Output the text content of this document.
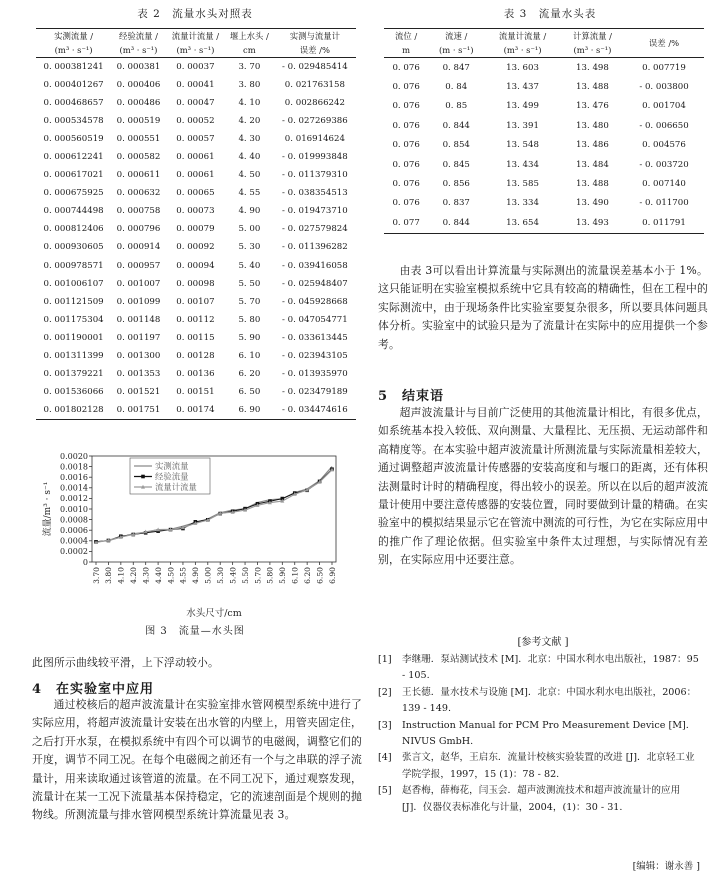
表 2　流量水头对照表
实测流量 /	经验流量 /	流量计流量 /	堰上水头 /	实测与流量计
(m³ · s⁻¹)	(m³ · s⁻¹)	(m³ · s⁻¹)	cm	误差 /%
0. 000381241	0. 000381	0. 00037	3. 70	- 0. 029485414
0. 000401267	0. 000406	0. 00041	3. 80	0. 021763158
0. 000468657	0. 000486	0. 00047	4. 10	0. 002866242
0. 000534578	0. 000519	0. 00052	4. 20	- 0. 027269386
0. 000560519	0. 000551	0. 00057	4. 30	0. 016914624
0. 000612241	0. 000582	0. 00061	4. 40	- 0. 019993848
0. 000617021	0. 000611	0. 00061	4. 50	- 0. 011379310
0. 000675925	0. 000632	0. 00065	4. 55	- 0. 038354513
0. 000744498	0. 000758	0. 00073	4. 90	- 0. 019473710
0. 000812406	0. 000796	0. 00079	5. 00	- 0. 027579824
0. 000930605	0. 000914	0. 00092	5. 30	- 0. 011396282
0. 000978571	0. 000957	0. 00094	5. 40	- 0. 039416058
0. 001006107	0. 001007	0. 00098	5. 50	- 0. 025948407
0. 001121509	0. 001099	0. 00107	5. 70	- 0. 045928668
0. 001175304	0. 001148	0. 00112	5. 80	- 0. 047054771
0. 001190001	0. 001197	0. 00115	5. 90	- 0. 033613445
0. 001311399	0. 001300	0. 00128	6. 10	- 0. 023943105
0. 001379221	0. 001353	0. 00136	6. 20	- 0. 013935970
0. 001536066	0. 001521	0. 00151	6. 50	- 0. 023479189
0. 001802128	0. 001751	0. 00174	6. 90	- 0. 034474616
0
0.0002
0.0004
0.0006
0.0008
0.0010
0.0012
0.0014
0.0016
0.0018
0.0020
3.70 3.80 4.10 4.20 4.30 4.40 4.50 4.55 4.90 5.00 5.30 5.40 5.50 5.70 5.80 5.90 6.10 6.20 6.50 6.90
流量/m³ · s⁻¹
水头尺寸/cm
实测流量
经验流量
流量计流量
图 3　流量—水头图
此图所示曲线较平滑，上下浮动较小。
4　在实验室中应用
通过校核后的超声波流量计在实验室排水管网模型系统中进行了实际应用，将超声波流量计安装在出水管的内壁上，用管夹固定住，之后打开水泵，在模拟系统中有四个可以调节的电磁阀，调整它们的开度，调节不同工况。在每个电磁阀之前还有一个与之串联的浮子流量计，用来读取通过该管道的流量。在不同工况下，通过观察发现，流量计在某一工况下流量基本保持稳定，它的流速剖面是个规则的抛物线。所测流量与排水管网模型系统计算流量见表 3。
表 3　流量水头表
流位 /	流速 /	流量计流量 /	计算流量 /	误差 /%
m	(m · s⁻¹)	(m³ · s⁻¹)	(m³ · s⁻¹)	
0. 076	0. 847	13. 603	13. 498	0. 007719
0. 076	0. 84	13. 437	13. 488	- 0. 003800
0. 076	0. 85	13. 499	13. 476	0. 001704
0. 076	0. 844	13. 391	13. 480	- 0. 006650
0. 076	0. 854	13. 548	13. 486	0. 004576
0. 076	0. 845	13. 434	13. 484	- 0. 003720
0. 076	0. 856	13. 585	13. 488	0. 007140
0. 076	0. 837	13. 334	13. 490	- 0. 011700
0. 077	0. 844	13. 654	13. 493	0. 011791
由表 3可以看出计算流量与实际测出的流量误差基本小于 1%。这只能证明在实验室模拟系统中它具有较高的精确性，但在工程中的实际测流中，由于现场条件比实验室要复杂很多，所以要具体问题具体分析。实验室中的试验只是为了流量计在实际中的应用提供一个参考。
5　结束语
超声波流量计与目前广泛使用的其他流量计相比，有很多优点，如系统基本投入较低、双向测量、大量程比、无压损、无运动部件和高精度等。在本实验中超声波流量计所测流量与实际流量相差较大，通过调整超声波流量计传感器的安装高度和与堰口的距离，还有体积法测量时计时的精确程度，得出较小的误差。所以在以后的超声波流量计使用中要注意传感器的安装位置，同时要做到计量的精确。在实验室中的模拟结果显示它在管流中测流的可行性，为它在实际应用中的推广作了理论依据。但实验室中条件太过理想，与实际情况有差别，在实际应用中还要注意。
[参考文献 ]
[1] 李继珊．泵站测试技术 [M]．北京：中国水利水电出版社，1987：95 - 105.
[2] 王长德．量水技术与设施 [M]．北京：中国水利水电出版社，2006：139 - 149.
[3] Instruction Manual for PCM Pro Measurement Device [M]. NIVUS GmbH.
[4] 张言文，赵华，王启东．流量计校核实验装置的改进 [J]．北京轻工业学院学报，1997，15 (1)：78 - 82.
[5] 赵香梅，薛梅花，闫玉会．超声波测流技术和超声波流量计的应用 [J]．仪器仪表标准化与计量，2004，(1)：30 - 31.
[编辑：谢永善 ]
